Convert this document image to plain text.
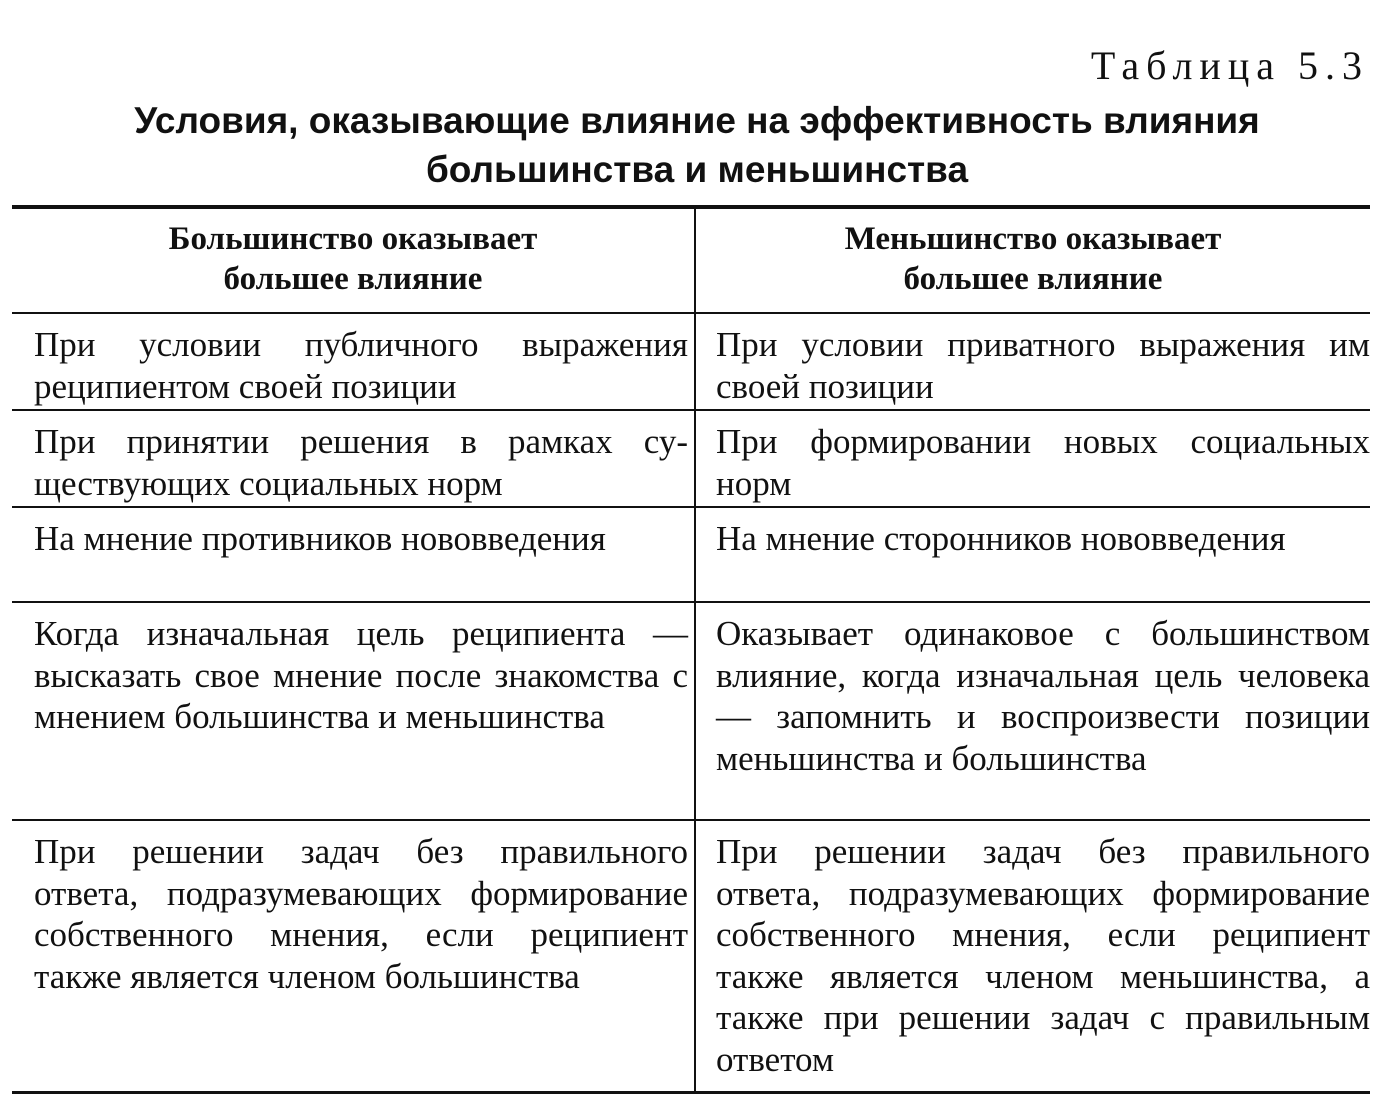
Таблица 5.3
Условия, оказывающие влияние на эффективность влияния
большинства и меньшинства
Большинство оказывает
большее влияние
Меньшинство оказывает
большее влияние
При условии публичного выражения реципиентом своей позиции
При условии приватного выражения им своей позиции
При принятии решения в рамках существующих социальных норм
При формировании новых социальных норм
На мнение противников нововведения	На мнение сторонников нововведения
Когда изначальная цель реципиента — высказать свое мнение после знакомства с мнением большинства и меньшинства
Оказывает одинаковое с большинством влияние, когда изначальная цель человека — запомнить и воспроизвести позиции меньшинства и большинства
При решении задач без правильного ответа, подразумевающих формирование собственного мнения, если реципиент также является членом большинства
При решении задач без правильного ответа, подразумевающих формирование собственного мнения, если реципиент также является членом меньшинства, а также при решении задач с правильным ответом
